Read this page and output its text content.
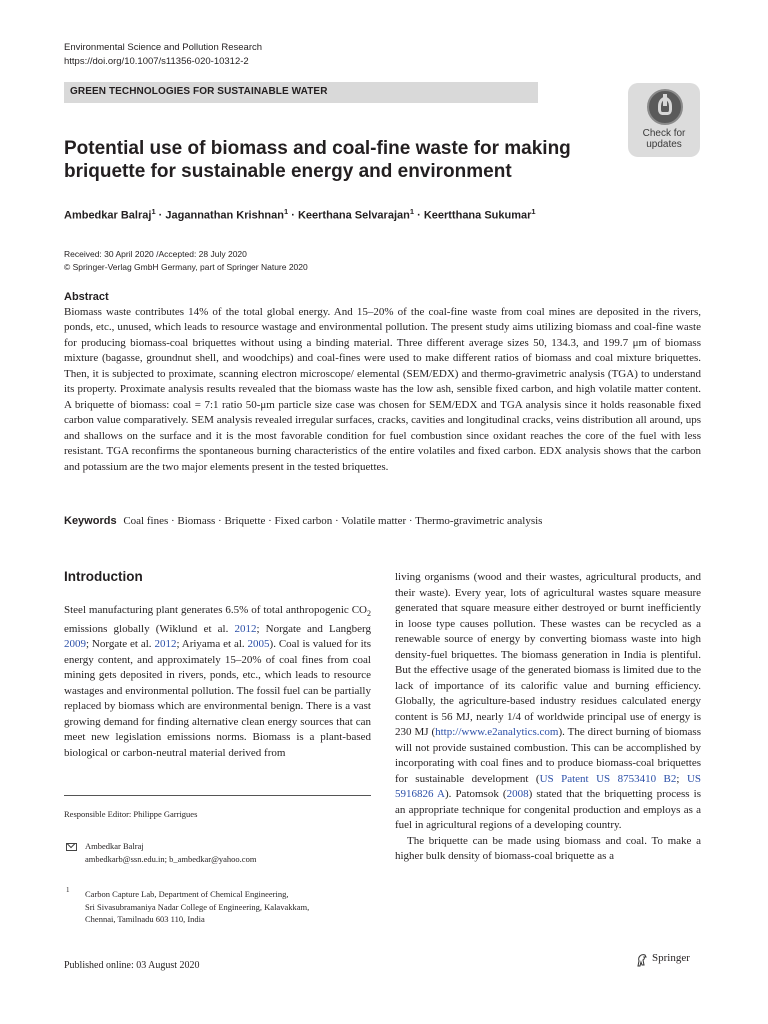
Environmental Science and Pollution Research
https://doi.org/10.1007/s11356-020-10312-2
GREEN TECHNOLOGIES FOR SUSTAINABLE WATER
Check for
updates
Potential use of biomass and coal-fine waste for making briquette for sustainable energy and environment
Ambedkar Balraj$^1$ · Jagannathan Krishnan$^1$ · Keerthana Selvarajan$^1$ · Keertthana Sukumar$^1$
Received: 30 April 2020 /Accepted: 28 July 2020
© Springer-Verlag GmbH Germany, part of Springer Nature 2020
Abstract
Biomass waste contributes 14% of the total global energy. And 15–20% of the coal-fine waste from coal mines are deposited in the rivers, ponds, etc., unused, which leads to resource wastage and environmental pollution. The present study aims utilizing biomass and coal-fine waste for producing biomass-coal briquettes without using a binding material. Three different average sizes 50, 134.3, and 199.7 μm of biomass mixture (bagasse, groundnut shell, and woodchips) and coal-fines were used to make different ratios of biomass and coal mixture briquettes. Then, it is subjected to proximate, scanning electron microscope/ elemental (SEM/EDX) and thermo-gravimetric analysis (TGA) to understand its property. Proximate analysis results revealed that the biomass waste has the low ash, sensible fixed carbon, and high volatile matter content. A briquette of biomass: coal = 7:1 ratio 50-μm particle size case was chosen for SEM/EDX and TGA analysis since it holds reasonable fixed carbon value comparatively. SEM analysis revealed irregular surfaces, cracks, cavities and longitudinal cracks, veins distribution all around, ups and shallows on the surface and it is the most favorable condition for fuel combustion since oxidant reaches the core of the fuel with less resistant. TGA reconfirms the spontaneous burning characteristics of the entire volatiles and fixed carbon. EDX analysis shows that the carbon and potassium are the two major elements present in the tested briquettes.
Keywords Coal fines · Biomass · Briquette · Fixed carbon · Volatile matter · Thermo-gravimetric analysis
Introduction

Steel manufacturing plant generates 6.5% of total anthropogenic $CO_2$ emissions globally (Wiklund et al. 2012; Norgate and Langberg 2009; Norgate et al. 2012; Ariyama et al. 2005). Coal is valued for its energy content, and approximately 15–20% of coal fines from coal mining gets deposited in rivers, ponds, etc., which leads to resource wastages and environmental pollution. The fossil fuel can be partially replaced by biomass which are environmental benign. There is a vast growing demand for finding alternative clean energy sources that can meet new legislation emissions norms. Biomass is a plant-based biological or carbon-neutral material derived from

living organisms (wood and their wastes, agricultural products, and their waste). Every year, lots of agricultural wastes square measure generated that square measure either destroyed or burnt inefficiently in loose type causes pollution. These wastes can be recycled as a renewable source of energy by converting biomass waste into high density-fuel briquettes. The biomass generation in India is plentiful. But the effective usage of the generated biomass is limited due to the lack of importance of its calorific value and burning efficiency. Globally, the agriculture-based industry residues calculated energy content is 56 MJ, nearly 1/4 of worldwide principal use of energy is 230 MJ (http://www.e2analytics.com). The direct burning of biomass will not provide sustained combustion. This can be accomplished by incorporating with coal fines and to produce biomass-coal briquettes for sustainable development (US Patent US 8753410 B2; US 5916826 A). Patomsok (2008) stated that the briquetting process is an appropriate technique for congenital production and employs as a fuel in agricultural regions of a developing country.

The briquette can be made using biomass and coal. To make a higher bulk density of biomass-coal briquette as a

Responsible Editor: Philippe Garrigues
Ambedkar Balraj
ambedkarb@ssn.edu.in; b_ambedkar@yahoo.com
1 Carbon Capture Lab, Department of Chemical Engineering,
Sri Sivasubramaniya Nadar College of Engineering, Kalavakkam,
Chennai, Tamilnadu 603 110, India
Published online: 03 August 2020
Springer
